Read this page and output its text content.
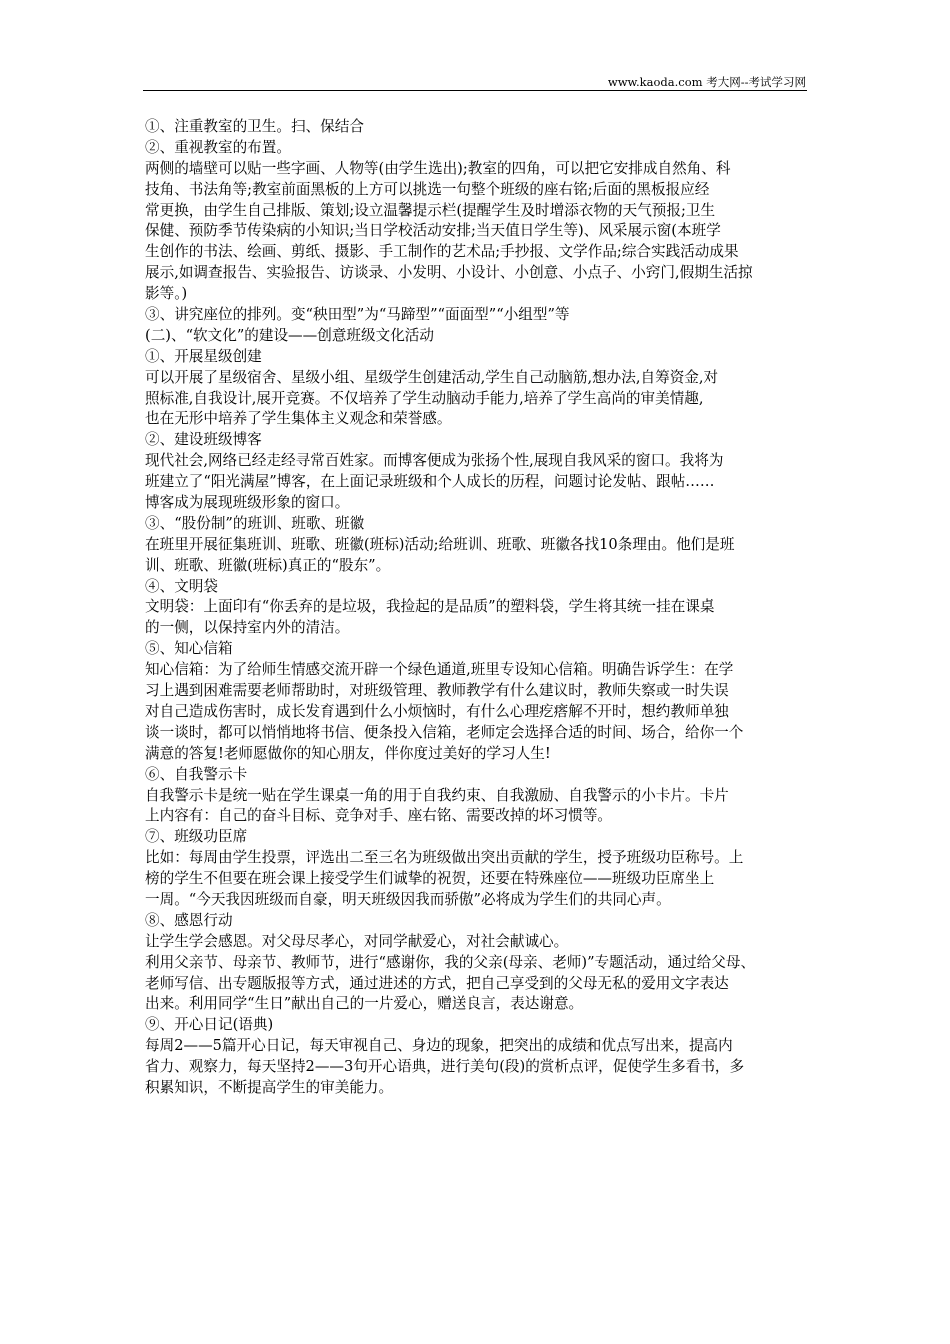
www.kaoda.com 考大网--考试学习网
①、注重教室的卫生。扫、保结合
②、重视教室的布置。
两侧的墙壁可以贴一些字画、人物等(由学生选出);教室的四角，可以把它安排成自然角、科
技角、书法角等;教室前面黑板的上方可以挑选一句整个班级的座右铭;后面的黑板报应经
常更换，由学生自己排版、策划;设立温馨提示栏(提醒学生及时增添衣物的天气预报;卫生
保健、预防季节传染病的小知识;当日学校活动安排;当天值日学生等)、风采展示窗(本班学
生创作的书法、绘画、剪纸、摄影、手工制作的艺术品;手抄报、文学作品;综合实践活动成果
展示,如调查报告、实验报告、访谈录、小发明、小设计、小创意、小点子、小窍门,假期生活掠
影等。)
③、讲究座位的排列。变“秧田型”为“马蹄型”“面面型”“小组型”等
(二)、“软文化”的建设——创意班级文化活动
①、开展星级创建
可以开展了星级宿舍、星级小组、星级学生创建活动,学生自己动脑筋,想办法,自筹资金,对
照标准,自我设计,展开竞赛。不仅培养了学生动脑动手能力,培养了学生高尚的审美情趣,
也在无形中培养了学生集体主义观念和荣誉感。
②、建设班级博客
现代社会,网络已经走经寻常百姓家。而博客便成为张扬个性,展现自我风采的窗口。我将为
班建立了“阳光满屋”博客，在上面记录班级和个人成长的历程，问题讨论发帖、跟帖……
博客成为展现班级形象的窗口。
③、“股份制”的班训、班歌、班徽
在班里开展征集班训、班歌、班徽(班标)活动;给班训、班歌、班徽各找10条理由。他们是班
训、班歌、班徽(班标)真正的“股东”。
④、文明袋
文明袋：上面印有“你丢弃的是垃圾，我捡起的是品质”的塑料袋，学生将其统一挂在课桌
的一侧，以保持室内外的清洁。
⑤、知心信箱
知心信箱：为了给师生情感交流开辟一个绿色通道,班里专设知心信箱。明确告诉学生：在学
习上遇到困难需要老师帮助时，对班级管理、教师教学有什么建议时，教师失察或一时失误
对自己造成伤害时，成长发育遇到什么小烦恼时，有什么心理疙瘩解不开时，想约教师单独
谈一谈时，都可以悄悄地将书信、便条投入信箱，老师定会选择合适的时间、场合，给你一个
满意的答复!老师愿做你的知心朋友，伴你度过美好的学习人生!
⑥、自我警示卡
自我警示卡是统一贴在学生课桌一角的用于自我约束、自我激励、自我警示的小卡片。卡片
上内容有：自己的奋斗目标、竞争对手、座右铭、需要改掉的坏习惯等。
⑦、班级功臣席
比如：每周由学生投票，评选出二至三名为班级做出突出贡献的学生，授予班级功臣称号。上
榜的学生不但要在班会课上接受学生们诚挚的祝贺，还要在特殊座位——班级功臣席坐上
一周。“今天我因班级而自豪，明天班级因我而骄傲”必将成为学生们的共同心声。
⑧、感恩行动
让学生学会感恩。对父母尽孝心，对同学献爱心，对社会献诚心。
利用父亲节、母亲节、教师节，进行“感谢你，我的父亲(母亲、老师)”专题活动，通过给父母、
老师写信、出专题版报等方式，通过进述的方式，把自己享受到的父母无私的爱用文字表达
出来。利用同学“生日”献出自己的一片爱心，赠送良言，表达谢意。
⑨、开心日记(语典)
每周2——5篇开心日记，每天审视自己、身边的现象，把突出的成绩和优点写出来，提高内
省力、观察力，每天坚持2——3句开心语典，进行美句(段)的赏析点评，促使学生多看书，多
积累知识，不断提高学生的审美能力。
